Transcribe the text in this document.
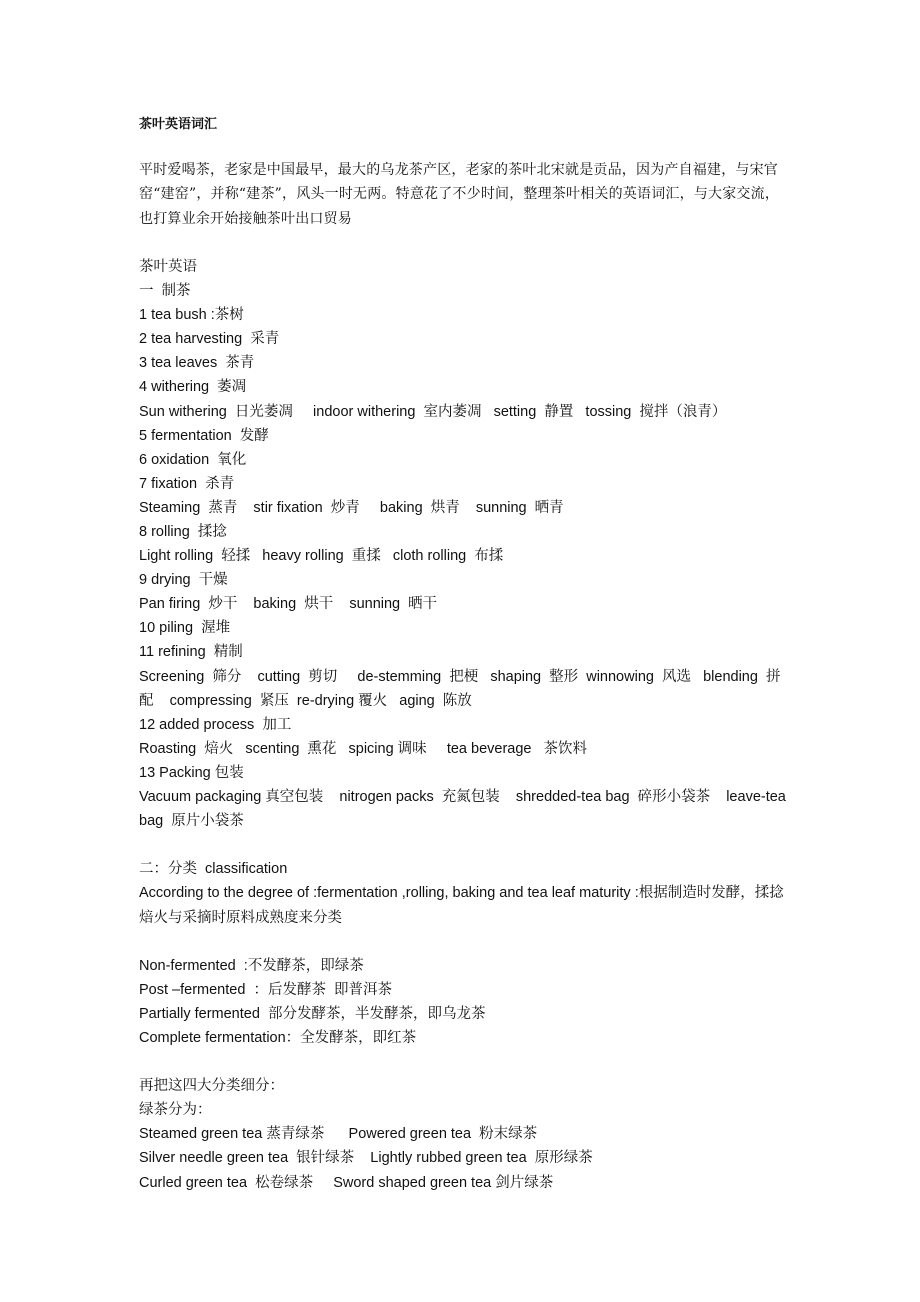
茶叶英语词汇
平时爱喝茶，老家是中国最早，最大的乌龙茶产区，老家的茶叶北宋就是贡品，因为产自福建，与宋官窑“建窑”，并称“建茶”，风头一时无两。特意花了不少时间，整理茶叶相关的英语词汇，与大家交流，也打算业余开始接触茶叶出口贸易
茶叶英语
一  制茶
1 tea bush :茶树
2 tea harvesting  采青
3 tea leaves  茶青
4 withering  萎凋
Sun withering  日光萎凋     indoor withering  室内萎凋   setting  静置   tossing  搅拌（浪青）
5 fermentation  发酵
6 oxidation  氧化
7 fixation  杀青
Steaming  蒸青    stir fixation  炒青     baking  烘青    sunning  晒青
8 rolling  揉捻
Light rolling  轻揉   heavy rolling  重揉   cloth rolling  布揉
9 drying  干燥
Pan firing  炒干    baking  烘干    sunning  晒干
10 piling  渥堆
11 refining  精制
Screening  筛分    cutting  剪切     de-stemming  把梗   shaping  整形  winnowing  风选   blending  拼配    compressing  紧压  re-drying 覆火   aging  陈放
12 added process  加工
Roasting  焙火   scenting  熏花   spicing 调味     tea beverage   茶饮料
13 Packing 包装
Vacuum packaging 真空包装    nitrogen packs  充氮包装    shredded-tea bag  碎形小袋茶    leave-tea bag  原片小袋茶
二：分类  classification
According to the degree of :fermentation ,rolling, baking and tea leaf maturity :根据制造时发酵，揉捻焙火与采摘时原料成熟度来分类
Non-fermented  :不发酵茶，即绿茶
Post –fermented  ：后发酵茶  即普洱茶
Partially fermented  部分发酵茶，半发酵茶，即乌龙茶
Complete fermentation：全发酵茶，即红茶
再把这四大分类细分：
绿茶分为：
Steamed green tea 蒸青绿茶      Powered green tea  粉末绿茶
Silver needle green tea  银针绿茶    Lightly rubbed green tea  原形绿茶
Curled green tea  松卷绿茶     Sword shaped green tea 剑片绿茶
